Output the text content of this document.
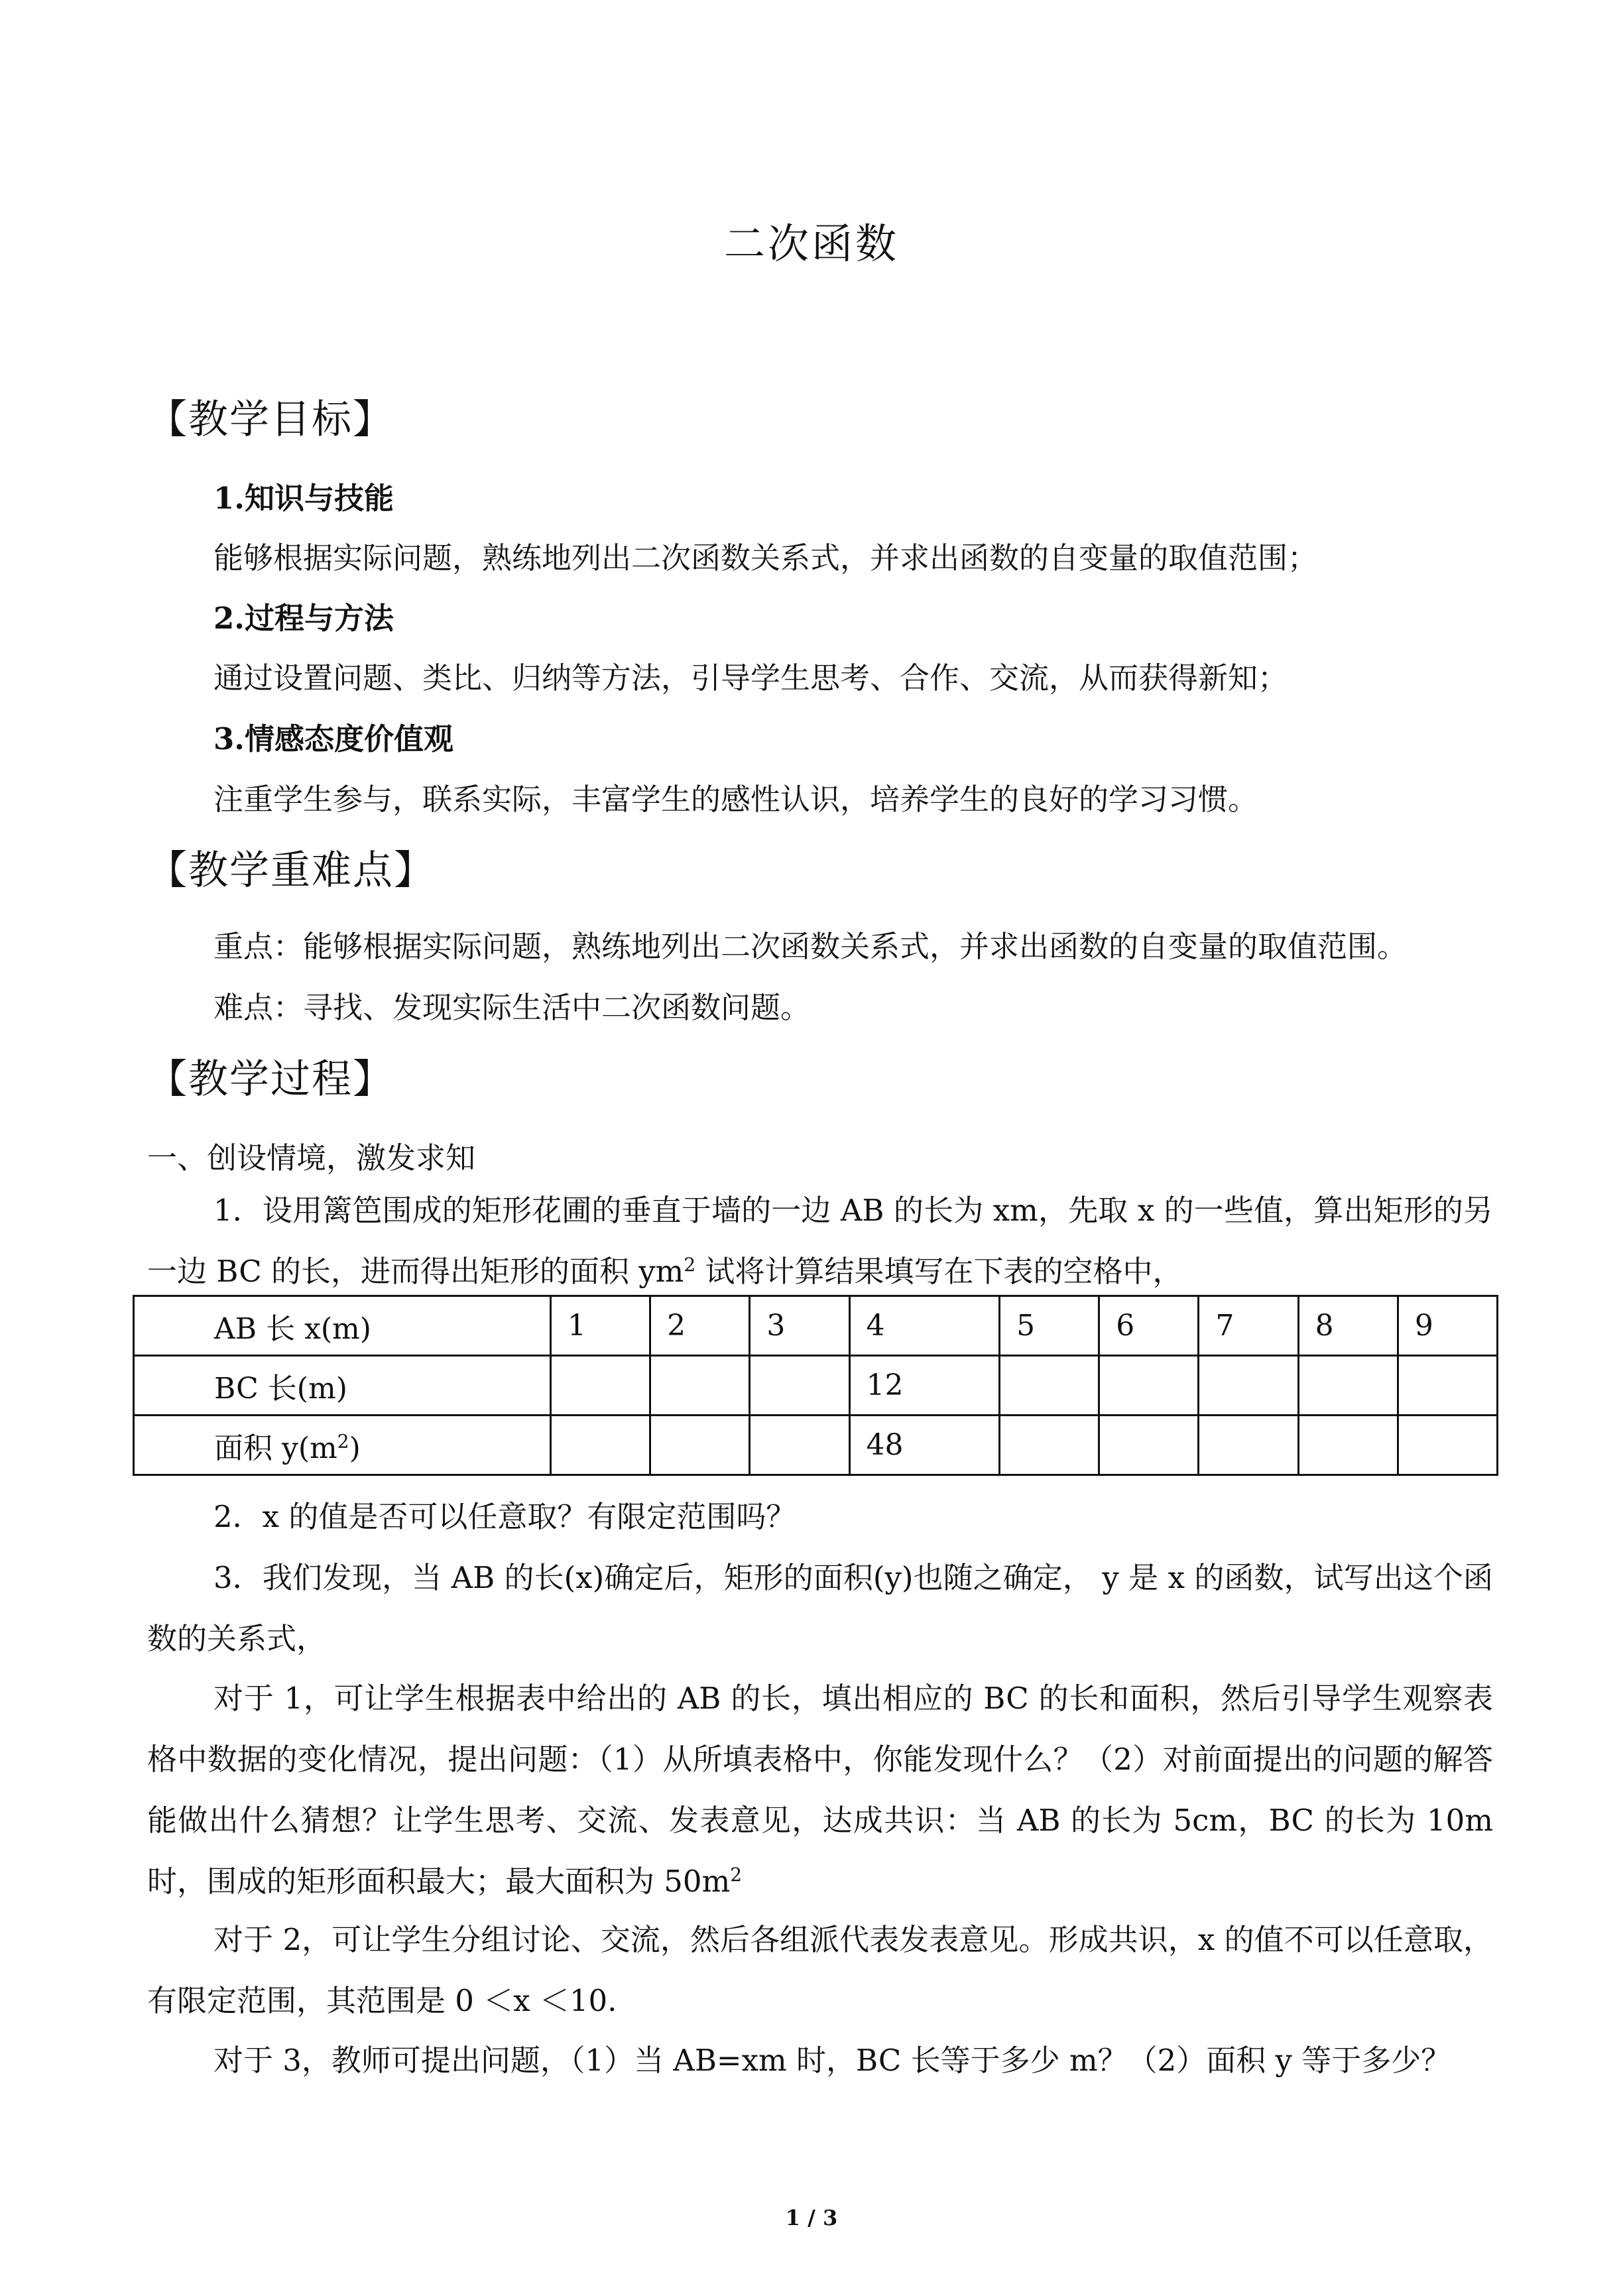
二次函数
【教学目标】
1.知识与技能
能够根据实际问题，熟练地列出二次函数关系式，并求出函数的自变量的取值范围；
2.过程与方法
通过设置问题、类比、归纳等方法，引导学生思考、合作、交流，从而获得新知；
3.情感态度价值观
注重学生参与，联系实际，丰富学生的感性认识，培养学生的良好的学习习惯。
【教学重难点】
重点：能够根据实际问题，熟练地列出二次函数关系式，并求出函数的自变量的取值范围。
难点：寻找、发现实际生活中二次函数问题。
【教学过程】
一、创设情境，激发求知
1．设用篱笆围成的矩形花圃的垂直于墙的一边 AB 的长为 xm，先取 x 的一些值，算出矩形的另一边 BC 的长，进而得出矩形的面积 $ym^2$ 试将计算结果填写在下表的空格中，
AB 长 x(m)	1	2	3	4	5	6	7	8	9
BC 长(m)				12					
面积 $y(m^2)$				48					
2．x 的值是否可以任意取？有限定范围吗？
3．我们发现，当 AB 的长(x)确定后，矩形的面积(y)也随之确定， y 是 x 的函数，试写出这个函数的关系式，
对于 1，可让学生根据表中给出的 AB 的长，填出相应的 BC 的长和面积，然后引导学生观察表格中数据的变化情况，提出问题：（1）从所填表格中，你能发现什么？（2）对前面提出的问题的解答能做出什么猜想？让学生思考、交流、发表意见，达成共识：当 AB 的长为 5cm，BC 的长为 10m 时，围成的矩形面积最大；最大面积为 $50m^2$
对于 2，可让学生分组讨论、交流，然后各组派代表发表意见。形成共识，x 的值不可以任意取，有限定范围，其范围是 0 ＜x ＜10.
对于 3，教师可提出问题，（1）当 AB=xm 时，BC 长等于多少 m？（2）面积 y 等于多少？
1 / 3
